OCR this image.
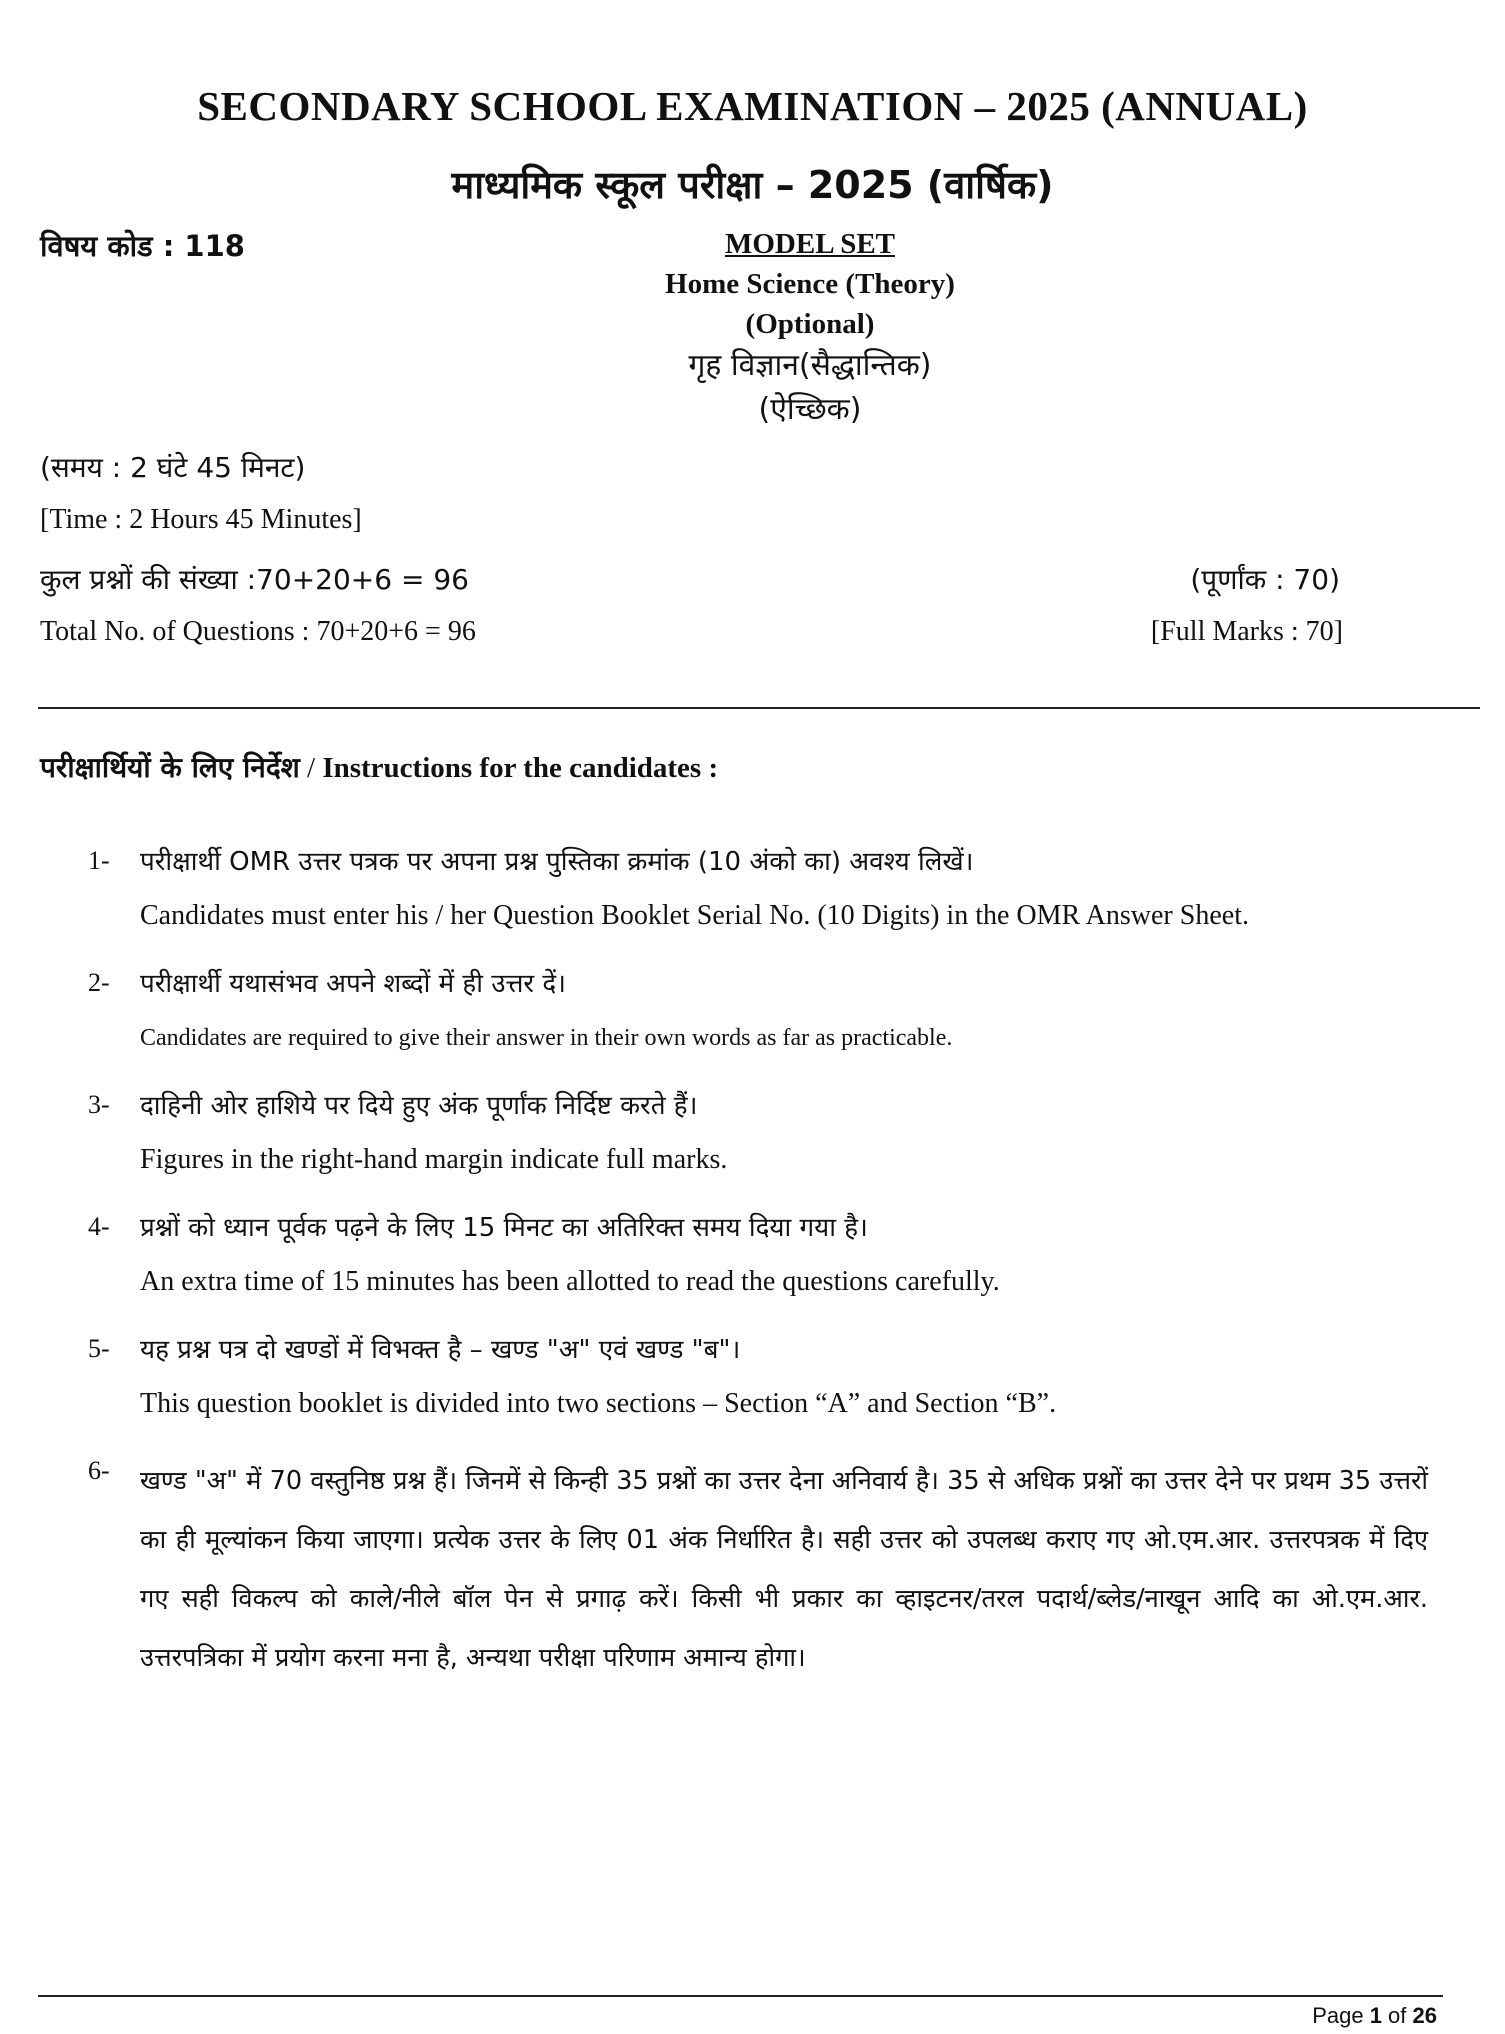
SECONDARY SCHOOL EXAMINATION – 2025 (ANNUAL)
माध्यमिक स्कूल परीक्षा – 2025 (वार्षिक)
विषय कोड : 118	MODEL SET
Home Science (Theory)
(Optional)
गृह विज्ञान(सैद्धान्तिक)
(ऐच्छिक)
(समय : 2 घंटे 45 मिनट)
[Time : 2 Hours 45 Minutes]
कुल प्रश्नों की संख्या :70+20+6 = 96	(पूर्णांक : 70)
Total No. of Questions : 70+20+6 = 96	[Full Marks : 70]
परीक्षार्थियों के लिए निर्देश / Instructions for the candidates :
1- परीक्षार्थी OMR उत्तर पत्रक पर अपना प्रश्न पुस्तिका क्रमांक (10 अंको का) अवश्य लिखें।
Candidates must enter his / her Question Booklet Serial No. (10 Digits) in the OMR Answer Sheet.
2- परीक्षार्थी यथासंभव अपने शब्दों में ही उत्तर दें।
Candidates are required to give their answer in their own words as far as practicable.
3- दाहिनी ओर हाशिये पर दिये हुए अंक पूर्णांक निर्दिष्ट करते हैं।
Figures in the right-hand margin indicate full marks.
4- प्रश्नों को ध्यान पूर्वक पढ़ने के लिए 15 मिनट का अतिरिक्त समय दिया गया है।
An extra time of 15 minutes has been allotted to read the questions carefully.
5- यह प्रश्न पत्र दो खण्डों में विभक्त है – खण्ड "अ" एवं खण्ड "ब"।
This question booklet is divided into two sections – Section “A” and Section “B”.
6- खण्ड "अ" में 70 वस्तुनिष्ठ प्रश्न हैं। जिनमें से किन्ही 35 प्रश्नों का उत्तर देना अनिवार्य है। 35 से अधिक प्रश्नों का उत्तर देने पर प्रथम 35 उत्तरों का ही मूल्यांकन किया जाएगा। प्रत्येक उत्तर के लिए 01 अंक निर्धारित है। सही उत्तर को उपलब्ध कराए गए ओ.एम.आर. उत्तरपत्रक में दिए गए सही विकल्प को काले/नीले बॉल पेन से प्रगाढ़ करें। किसी भी प्रकार का व्हाइटनर/तरल पदार्थ/ब्लेड/नाखून आदि का ओ.एम.आर. उत्तरपत्रिका में प्रयोग करना मना है, अन्यथा परीक्षा परिणाम अमान्य होगा।
Page 1 of 26
